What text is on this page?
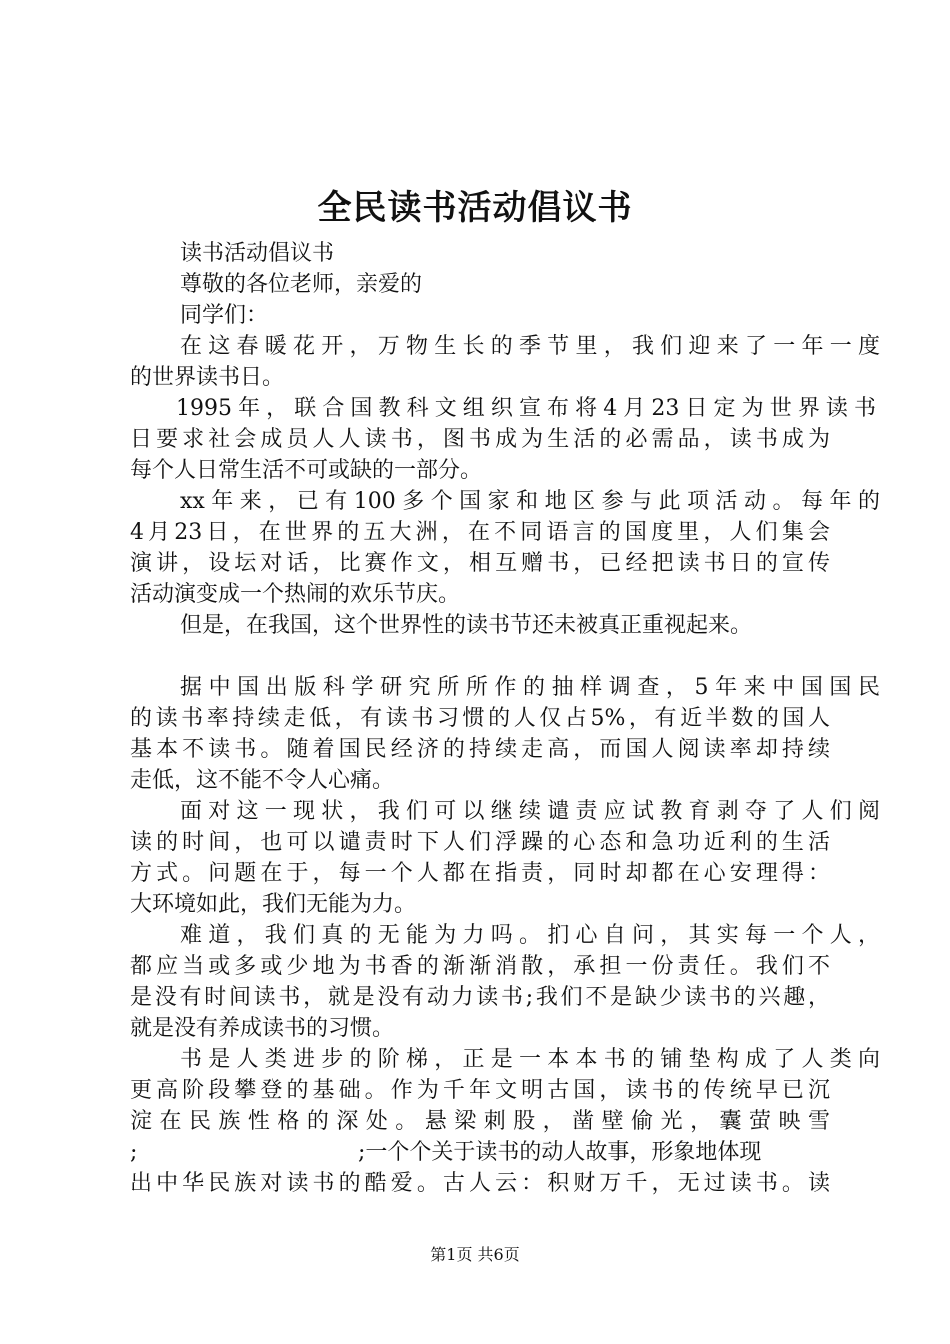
全民读书活动倡议书
读书活动倡议书
尊敬的各位老师，亲爱的
同学们：
在这春暖花开，万物生长的季节里，我们迎来了一年一度
的世界读书日。
1995年，联合国教科文组织宣布将4月23日定为世界读书
日要求社会成员人人读书，图书成为生活的必需品，读书成为
每个人日常生活不可或缺的一部分。
xx年来，已有100多个国家和地区参与此项活动。每年的
4月23日，在世界的五大洲，在不同语言的国度里，人们集会
演讲，设坛对话，比赛作文，相互赠书，已经把读书日的宣传
活动演变成一个热闹的欢乐节庆。
但是，在我国，这个世界性的读书节还未被真正重视起来。
据中国出版科学研究所所作的抽样调查，5年来中国国民
的读书率持续走低，有读书习惯的人仅占5%，有近半数的国人
基本不读书。随着国民经济的持续走高，而国人阅读率却持续
走低，这不能不令人心痛。
面对这一现状，我们可以继续谴责应试教育剥夺了人们阅
读的时间，也可以谴责时下人们浮躁的心态和急功近利的生活
方式。问题在于，每一个人都在指责，同时却都在心安理得：
大环境如此，我们无能为力。
难道，我们真的无能为力吗。扪心自问，其实每一个人，
都应当或多或少地为书香的渐渐消散，承担一份责任。我们不
是没有时间读书，就是没有动力读书;我们不是缺少读书的兴趣，
就是没有养成读书的习惯。
书是人类进步的阶梯，正是一本本书的铺垫构成了人类向
更高阶段攀登的基础。作为千年文明古国，读书的传统早已沉
淀在民族性格的深处。悬梁刺股，凿壁偷光，囊萤映雪
;	;一个个关于读书的动人故事，形象地体现
出中华民族对读书的酷爱。古人云：积财万千，无过读书。读
第1页 共6页
